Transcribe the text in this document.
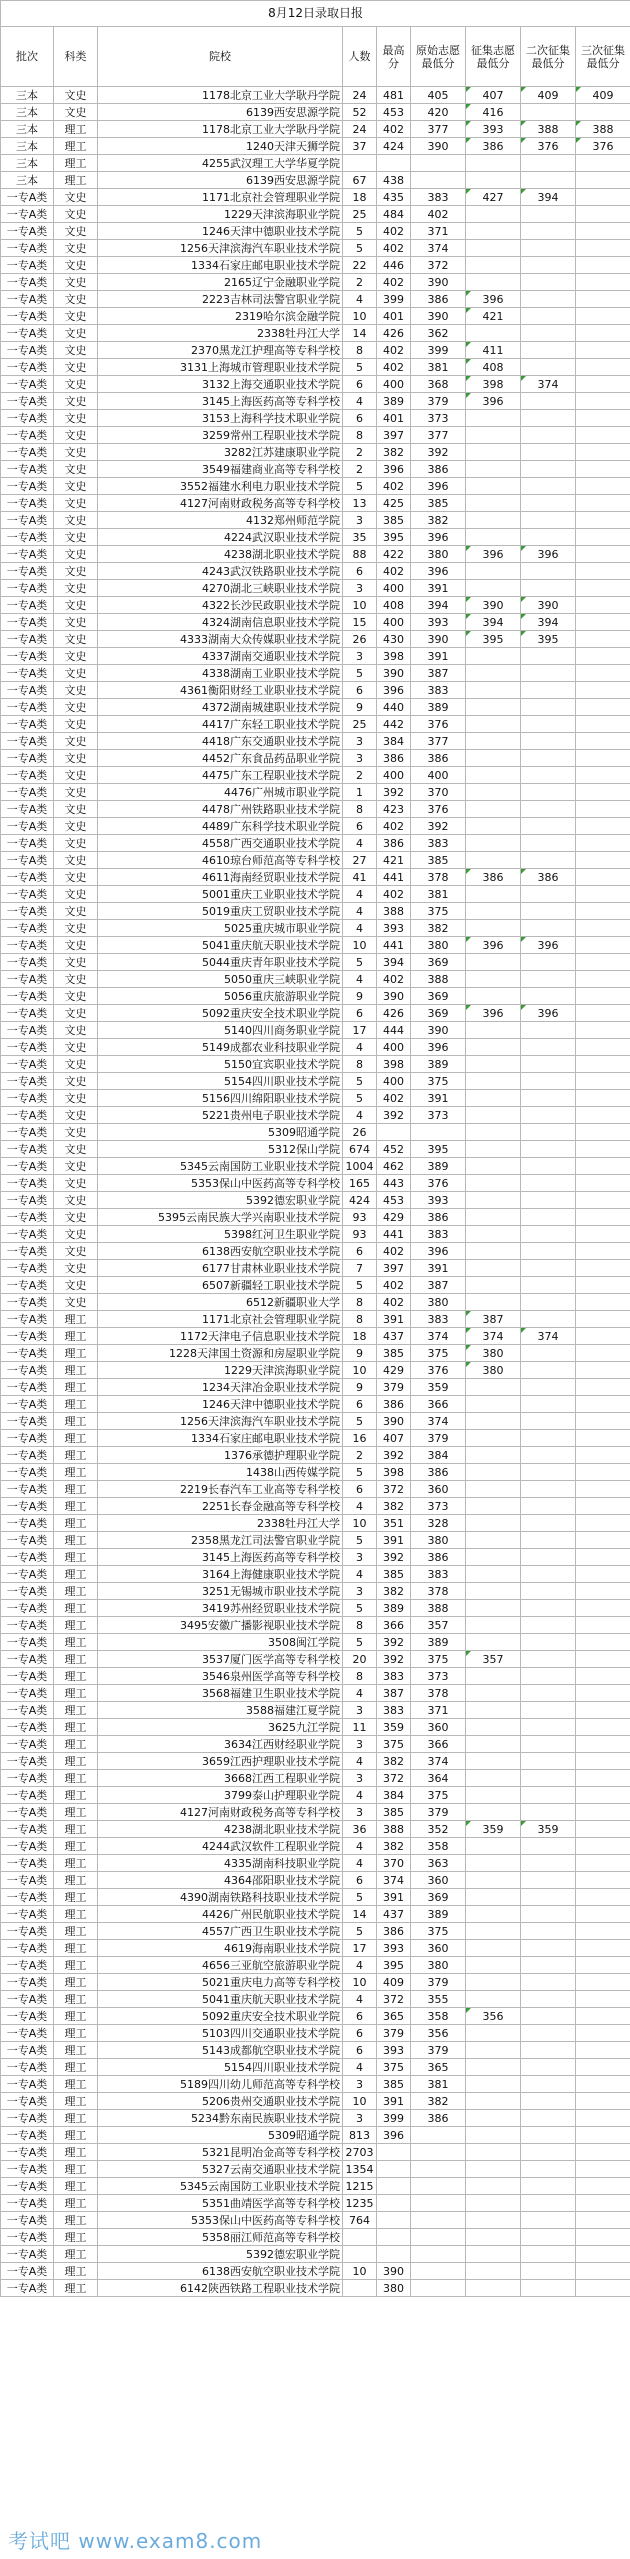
8月12日录取日报								
批次	科类	院校	人数	最高分	原始志愿最低分	征集志愿最低分	二次征集最低分	三次征集最低分
三本	文史	1178北京工业大学耿丹学院	24	481	405	407	409	409
三本	文史	6139西安思源学院	52	453	420	416		
三本	理工	1178北京工业大学耿丹学院	24	402	377	393	388	388
三本	理工	1240天津天狮学院	37	424	390	386	376	376
三本	理工	4255武汉理工大学华夏学院						
三本	理工	6139西安思源学院	67	438				
一专A类	文史	1171北京社会管理职业学院	18	435	383	427	394	
一专A类	文史	1229天津滨海职业学院	25	484	402			
一专A类	文史	1246天津中德职业技术学院	5	402	371			
一专A类	文史	1256天津滨海汽车职业技术学院	5	402	374			
一专A类	文史	1334石家庄邮电职业技术学院	22	446	372			
一专A类	文史	2165辽宁金融职业学院	2	402	390			
一专A类	文史	2223吉林司法警官职业学院	4	399	386	396		
一专A类	文史	2319哈尔滨金融学院	10	401	390	421		
一专A类	文史	2338牡丹江大学	14	426	362			
一专A类	文史	2370黑龙江护理高等专科学校	8	402	399	411		
一专A类	文史	3131上海城市管理职业技术学院	5	402	381	408		
一专A类	文史	3132上海交通职业技术学院	6	400	368	398	374	
一专A类	文史	3145上海医药高等专科学校	4	389	379	396		
一专A类	文史	3153上海科学技术职业学院	6	401	373			
一专A类	文史	3259常州工程职业技术学院	8	397	377			
一专A类	文史	3282江苏建康职业学院	2	382	392			
一专A类	文史	3549福建商业高等专科学校	2	396	386			
一专A类	文史	3552福建水利电力职业技术学院	5	402	396			
一专A类	文史	4127河南财政税务高等专科学校	13	425	385			
一专A类	文史	4132郑州师范学院	3	385	382			
一专A类	文史	4224武汉职业技术学院	35	395	396			
一专A类	文史	4238湖北职业技术学院	88	422	380	396	396	
一专A类	文史	4243武汉铁路职业技术学院	6	402	396			
一专A类	文史	4270湖北三峡职业技术学院	3	400	391			
一专A类	文史	4322长沙民政职业技术学院	10	408	394	390	390	
一专A类	文史	4324湖南信息职业技术学院	15	400	393	394	394	
一专A类	文史	4333湖南大众传媒职业技术学院	26	430	390	395	395	
一专A类	文史	4337湖南交通职业技术学院	3	398	391			
一专A类	文史	4338湖南工业职业技术学院	5	390	387			
一专A类	文史	4361衡阳财经工业职业技术学院	6	396	383			
一专A类	文史	4372湖南城建职业技术学院	9	440	389			
一专A类	文史	4417广东轻工职业技术学院	25	442	376			
一专A类	文史	4418广东交通职业技术学院	3	384	377			
一专A类	文史	4452广东食品药品职业学院	3	386	386			
一专A类	文史	4475广东工程职业技术学院	2	400	400			
一专A类	文史	4476广州城市职业学院	1	392	370			
一专A类	文史	4478广州铁路职业技术学院	8	423	376			
一专A类	文史	4489广东科学技术职业学院	6	402	392			
一专A类	文史	4558广西交通职业技术学院	4	386	383			
一专A类	文史	4610琼台师范高等专科学校	27	421	385			
一专A类	文史	4611海南经贸职业技术学院	41	441	378	386	386	
一专A类	文史	5001重庆工业职业技术学院	4	402	381			
一专A类	文史	5019重庆工贸职业技术学院	4	388	375			
一专A类	文史	5025重庆城市职业学院	4	393	382			
一专A类	文史	5041重庆航天职业技术学院	10	441	380	396	396	
一专A类	文史	5044重庆青年职业技术学院	5	394	369			
一专A类	文史	5050重庆三峡职业学院	4	402	388			
一专A类	文史	5056重庆旅游职业学院	9	390	369			
一专A类	文史	5092重庆安全技术职业学院	6	426	369	396	396	
一专A类	文史	5140四川商务职业学院	17	444	390			
一专A类	文史	5149成都农业科技职业学院	4	400	396			
一专A类	文史	5150宜宾职业技术学院	8	398	389			
一专A类	文史	5154四川职业技术学院	5	400	375			
一专A类	文史	5156四川绵阳职业技术学院	5	402	391			
一专A类	文史	5221贵州电子职业技术学院	4	392	373			
一专A类	文史	5309昭通学院	26					
一专A类	文史	5312保山学院	674	452	395			
一专A类	文史	5345云南国防工业职业技术学院	1004	462	389			
一专A类	文史	5353保山中医药高等专科学校	165	443	376			
一专A类	文史	5392德宏职业学院	424	453	393			
一专A类	文史	5395云南民族大学兴南职业技术学院	93	429	386			
一专A类	文史	5398红河卫生职业学院	93	441	383			
一专A类	文史	6138西安航空职业技术学院	6	402	396			
一专A类	文史	6177甘肃林业职业技术学院	7	397	391			
一专A类	文史	6507新疆轻工职业技术学院	5	402	387			
一专A类	文史	6512新疆职业大学	8	402	380			
一专A类	理工	1171北京社会管理职业学院	8	391	383	387		
一专A类	理工	1172天津电子信息职业技术学院	18	437	374	374	374	
一专A类	理工	1228天津国土资源和房屋职业学院	9	385	375	380		
一专A类	理工	1229天津滨海职业学院	10	429	376	380		
一专A类	理工	1234天津冶金职业技术学院	9	379	359			
一专A类	理工	1246天津中德职业技术学院	6	386	366			
一专A类	理工	1256天津滨海汽车职业技术学院	5	390	374			
一专A类	理工	1334石家庄邮电职业技术学院	16	407	379			
一专A类	理工	1376承德护理职业学院	2	392	384			
一专A类	理工	1438山西传媒学院	5	398	386			
一专A类	理工	2219长春汽车工业高等专科学校	6	372	360			
一专A类	理工	2251长春金融高等专科学校	4	382	373			
一专A类	理工	2338牡丹江大学	10	351	328			
一专A类	理工	2358黑龙江司法警官职业学院	5	391	380			
一专A类	理工	3145上海医药高等专科学校	3	392	386			
一专A类	理工	3164上海健康职业技术学院	4	385	383			
一专A类	理工	3251无锡城市职业技术学院	3	382	378			
一专A类	理工	3419苏州经贸职业技术学院	5	389	388			
一专A类	理工	3495安徽广播影视职业技术学院	8	366	357			
一专A类	理工	3508闽江学院	5	392	389			
一专A类	理工	3537厦门医学高等专科学校	20	392	375	357		
一专A类	理工	3546泉州医学高等专科学校	8	383	373			
一专A类	理工	3568福建卫生职业技术学院	4	387	378			
一专A类	理工	3588福建江夏学院	3	383	371			
一专A类	理工	3625九江学院	11	359	360			
一专A类	理工	3634江西财经职业学院	3	375	366			
一专A类	理工	3659江西护理职业技术学院	4	382	374			
一专A类	理工	3668江西工程职业学院	3	372	364			
一专A类	理工	3799泰山护理职业学院	4	384	375			
一专A类	理工	4127河南财政税务高等专科学校	3	385	379			
一专A类	理工	4238湖北职业技术学院	36	388	352	359	359	
一专A类	理工	4244武汉软件工程职业学院	4	382	358			
一专A类	理工	4335湖南科技职业学院	4	370	363			
一专A类	理工	4364邵阳职业技术学院	6	374	360			
一专A类	理工	4390湖南铁路科技职业技术学院	5	391	369			
一专A类	理工	4426广州民航职业技术学院	14	437	389			
一专A类	理工	4557广西卫生职业技术学院	5	386	375			
一专A类	理工	4619海南职业技术学院	17	393	360			
一专A类	理工	4656三亚航空旅游职业学院	4	395	380			
一专A类	理工	5021重庆电力高等专科学校	10	409	379			
一专A类	理工	5041重庆航天职业技术学院	4	372	355			
一专A类	理工	5092重庆安全技术职业学院	6	365	358	356		
一专A类	理工	5103四川交通职业技术学院	6	379	356			
一专A类	理工	5143成都航空职业技术学院	6	393	379			
一专A类	理工	5154四川职业技术学院	4	375	365			
一专A类	理工	5189四川幼儿师范高等专科学校	3	385	381			
一专A类	理工	5206贵州交通职业技术学院	10	391	382			
一专A类	理工	5234黔东南民族职业技术学院	3	399	386			
一专A类	理工	5309昭通学院	813	396				
一专A类	理工	5321昆明冶金高等专科学校	2703					
一专A类	理工	5327云南交通职业技术学院	1354					
一专A类	理工	5345云南国防工业职业技术学院	1215					
一专A类	理工	5351曲靖医学高等专科学校	1235					
一专A类	理工	5353保山中医药高等专科学校	764					
一专A类	理工	5358丽江师范高等专科学校						
一专A类	理工	5392德宏职业学院						
一专A类	理工	6138西安航空职业技术学院	10	390				
一专A类	理工	6142陕西铁路工程职业技术学院		380				
考试吧 www.exam8.com
